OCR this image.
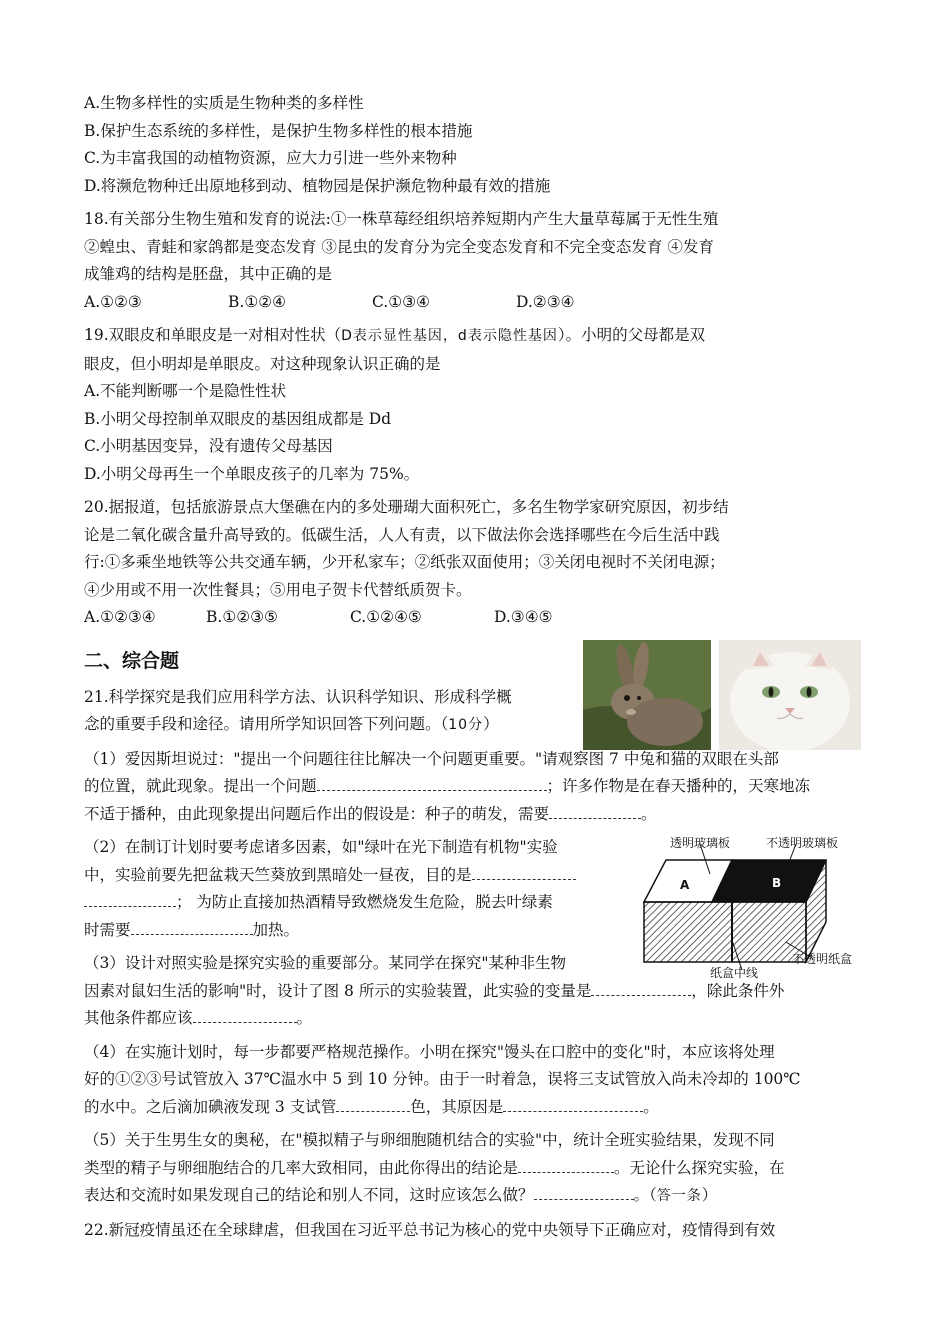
A.生物多样性的实质是生物种类的多样性
B.保护生态系统的多样性，是保护生物多样性的根本措施
C.为丰富我国的动植物资源，应大力引进一些外来物种
D.将濒危物种迁出原地移到动、植物园是保护濒危物种最有效的措施
18.有关部分生物生殖和发育的说法:①一株草莓经组织培养短期内产生大量草莓属于无性生殖
②蝗虫、青蛙和家鸽都是变态发育 ③昆虫的发育分为完全变态发育和不完全变态发育 ④发育
成雏鸡的结构是胚盘，其中正确的是
A.①②③	B.①②④	C.①③④	D.②③④
19.双眼皮和单眼皮是一对相对性状（D表示显性基因，d表示隐性基因）。小明的父母都是双
眼皮，但小明却是单眼皮。对这种现象认识正确的是
A.不能判断哪一个是隐性性状
B.小明父母控制单双眼皮的基因组成都是 Dd
C.小明基因变异，没有遗传父母基因
D.小明父母再生一个单眼皮孩子的几率为 75%。
20.据报道，包括旅游景点大堡礁在内的多处珊瑚大面积死亡，多名生物学家研究原因，初步结
论是二氧化碳含量升高导致的。低碳生活，人人有责，以下做法你会选择哪些在今后生活中践
行:①多乘坐地铁等公共交通车辆，少开私家车；②纸张双面使用；③关闭电视时不关闭电源；
④少用或不用一次性餐具；⑤用电子贺卡代替纸质贺卡。
A.①②③④	B.①②③⑤	C.①②④⑤	D.③④⑤
二、综合题
21.科学探究是我们应用科学方法、认识科学知识、形成科学概
念的重要手段和途径。请用所学知识回答下列问题。（10分）
（1）爱因斯坦说过："提出一个问题往往比解决一个问题更重要。"请观察图 7 中兔和猫的双眼在头部
的位置，就此现象。提出一个问题	；许多作物是在春天播种的，天寒地冻
不适于播种，由此现象提出问题后作出的假设是：种子的萌发，需要	。
（2）在制订计划时要考虑诸多因素，如"绿叶在光下制造有机物"实验
中，实验前要先把盆栽天竺葵放到黑暗处一昼夜，目的是
； 为防止直接加热酒精导致燃烧发生危险，脱去叶绿素
时需要	加热。
（3）设计对照实验是探究实验的重要部分。某同学在探究"某种非生物
因素对鼠妇生活的影响"时，设计了图 8 所示的实验装置，此实验的变量是	，除此条件外
其他条件都应该	。
（4）在实施计划时，每一步都要严格规范操作。小明在探究"馒头在口腔中的变化"时，本应该将处理
好的①②③号试管放入 37℃温水中 5 到 10 分钟。由于一时着急，误将三支试管放入尚未冷却的 100℃
的水中。之后滴加碘液发现 3 支试管	色，其原因是	。
（5）关于生男生女的奥秘，在"模拟精子与卵细胞随机结合的实验"中，统计全班实验结果，发现不同
类型的精子与卵细胞结合的几率大致相同，由此你得出的结论是	。无论什么探究实验，在
表达和交流时如果发现自己的结论和别人不同，这时应该怎么做？	。（答一条）
22.新冠疫情虽还在全球肆虐，但我国在习近平总书记为核心的党中央领导下正确应对，疫情得到有效
透明玻璃板	不透明玻璃板
A	B
纸盒中线
不透明纸盒
